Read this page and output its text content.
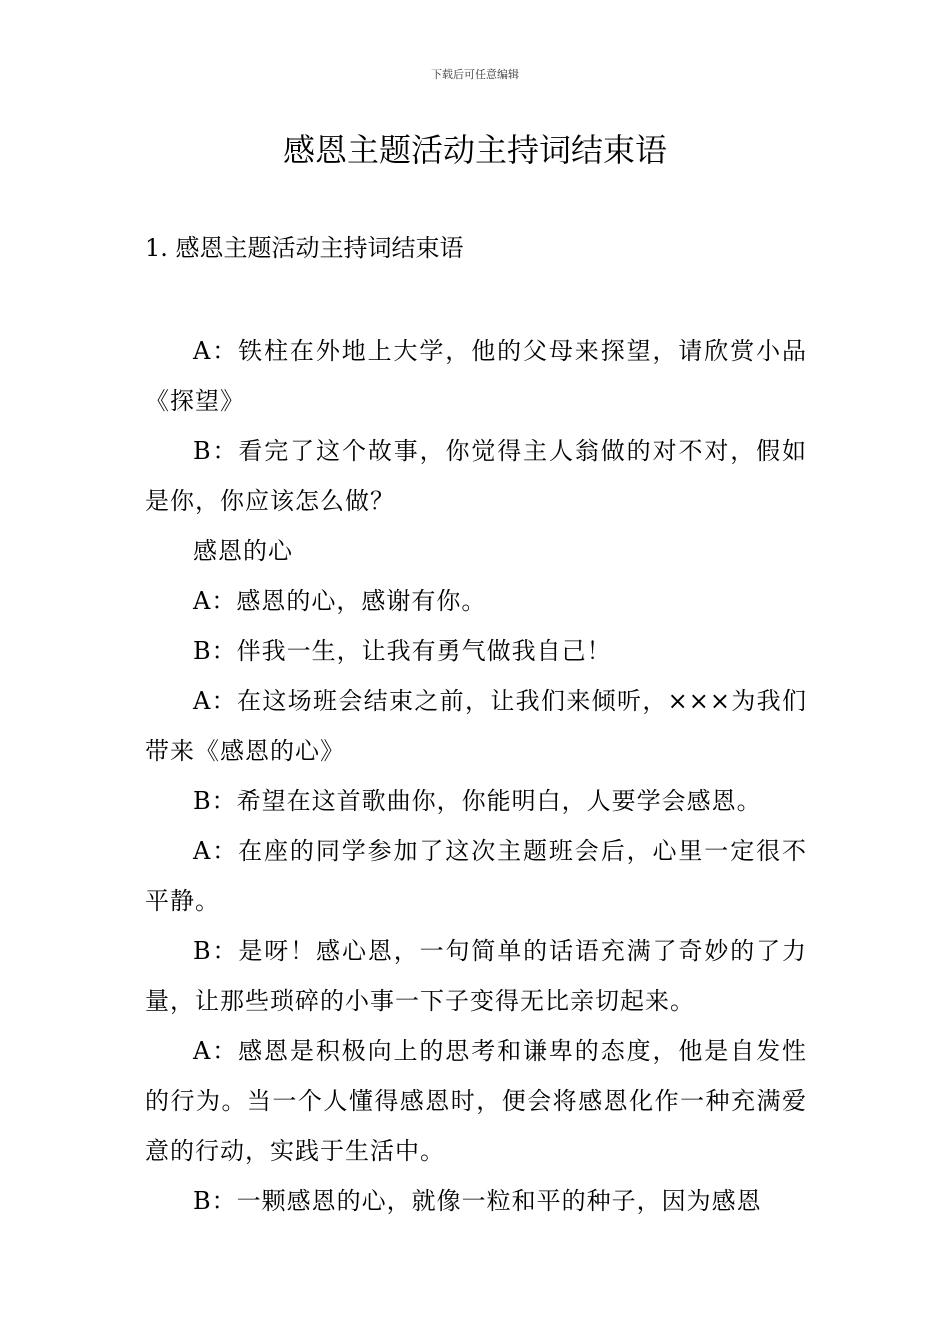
下载后可任意编辑
感恩主题活动主持词结束语
1. 感恩主题活动主持词结束语

A：铁柱在外地上大学，他的父母来探望，请欣赏小品《探望》

B：看完了这个故事，你觉得主人翁做的对不对，假如是你，你应该怎么做？

感恩的心

A：感恩的心，感谢有你。

B：伴我一生，让我有勇气做我自己！

A：在这场班会结束之前，让我们来倾听，×××为我们带来《感恩的心》

B：希望在这首歌曲你，你能明白，人要学会感恩。

A：在座的同学参加了这次主题班会后，心里一定很不平静。

B：是呀！感心恩，一句简单的话语充满了奇妙的了力量，让那些琐碎的小事一下子变得无比亲切起来。

A：感恩是积极向上的思考和谦卑的态度，他是自发性的行为。当一个人懂得感恩时，便会将感恩化作一种充满爱意的行动，实践于生活中。

B：一颗感恩的心，就像一粒和平的种子，因为感恩
